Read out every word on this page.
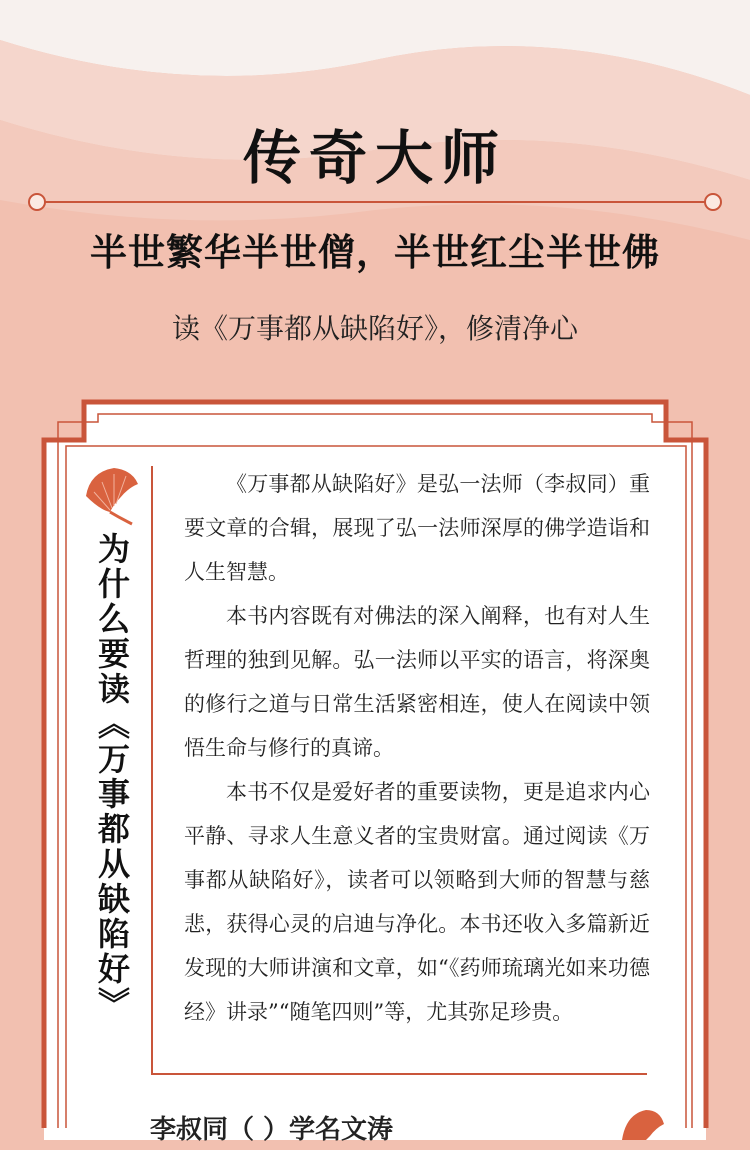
传奇大师
半世繁华半世僧，半世红尘半世佛
读《万事都从缺陷好》，修清净心
为什么要读《万事都从缺陷好》

《万事都从缺陷好》是弘一法师（李叔同）重要文章的合辑，展现了弘一法师深厚的佛学造诣和人生智慧。

本书内容既有对佛法的深入阐释，也有对人生哲理的独到见解。弘一法师以平实的语言，将深奥的修行之道与日常生活紧密相连，使人在阅读中领悟生命与修行的真谛。

本书不仅是爱好者的重要读物，更是追求内心平静、寻求人生意义者的宝贵财富。通过阅读《万事都从缺陷好》，读者可以领略到大师的智慧与慈悲，获得心灵的启迪与净化。本书还收入多篇新近发现的大师讲演和文章，如“《药师琉璃光如来功德经》讲录”“随笔四则”等，尤其弥足珍贵。
